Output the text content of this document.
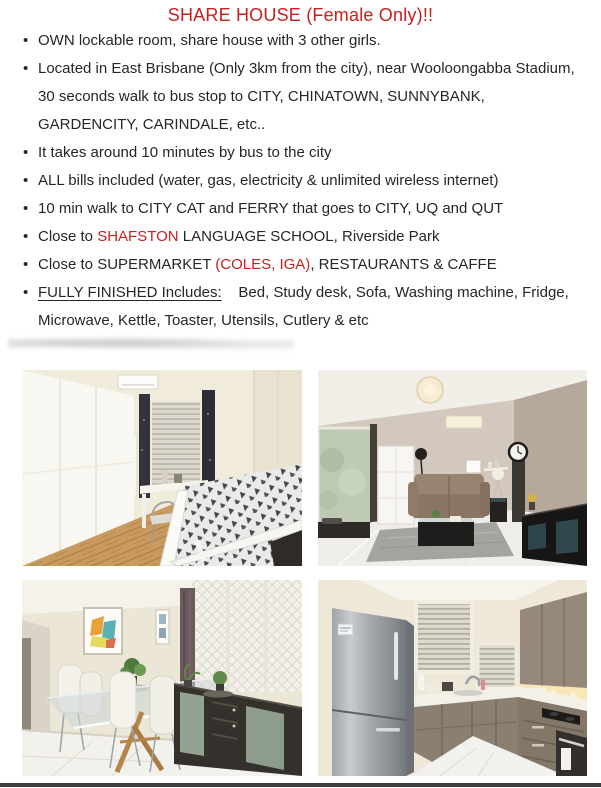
SHARE HOUSE (Female Only)!!
• OWN lockable room, share house with 3 other girls.
• Located in East Brisbane (Only 3km from the city), near Wooloongabba Stadium, 30 seconds walk to bus stop to CITY, CHINATOWN, SUNNYBANK, GARDENCITY, CARINDALE, etc..
• It takes around 10 minutes by bus to the city
• ALL bills included (water, gas, electricity & unlimited wireless internet)
• 10 min walk to CITY CAT and FERRY that goes to CITY, UQ and QUT
• Close to SHAFSTON LANGUAGE SCHOOL, Riverside Park
• Close to SUPERMARKET (COLES, IGA), RESTAURANTS & CAFFE
• FULLY FINISHED Includes:    Bed, Study desk, Sofa, Washing machine, Fridge, Microwave, Kettle, Toaster, Utensils, Cutlery & etc
